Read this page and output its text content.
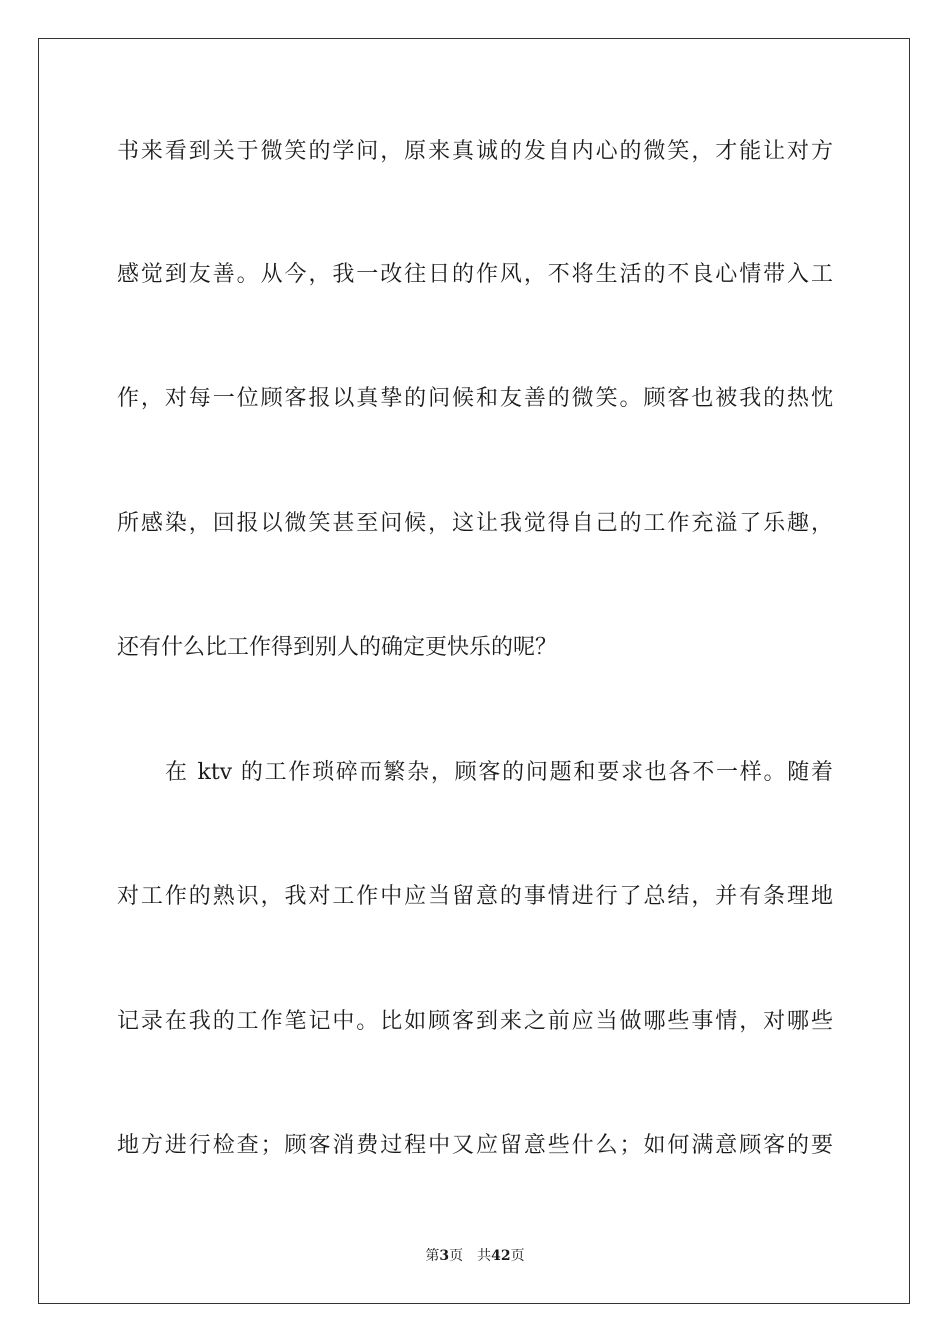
书来看到关于微笑的学问，原来真诚的发自内心的微笑，才能让对方
感觉到友善。从今，我一改往日的作风，不将生活的不良心情带入工
作，对每一位顾客报以真挚的问候和友善的微笑。顾客也被我的热忱
所感染，回报以微笑甚至问候，这让我觉得自己的工作充溢了乐趣，
还有什么比工作得到别人的确定更快乐的呢？
在 ktv 的工作琐碎而繁杂，顾客的问题和要求也各不一样。随着
对工作的熟识，我对工作中应当留意的事情进行了总结，并有条理地
记录在我的工作笔记中。比如顾客到来之前应当做哪些事情，对哪些
地方进行检查；顾客消费过程中又应留意些什么；如何满意顾客的要
第3页 共42页
